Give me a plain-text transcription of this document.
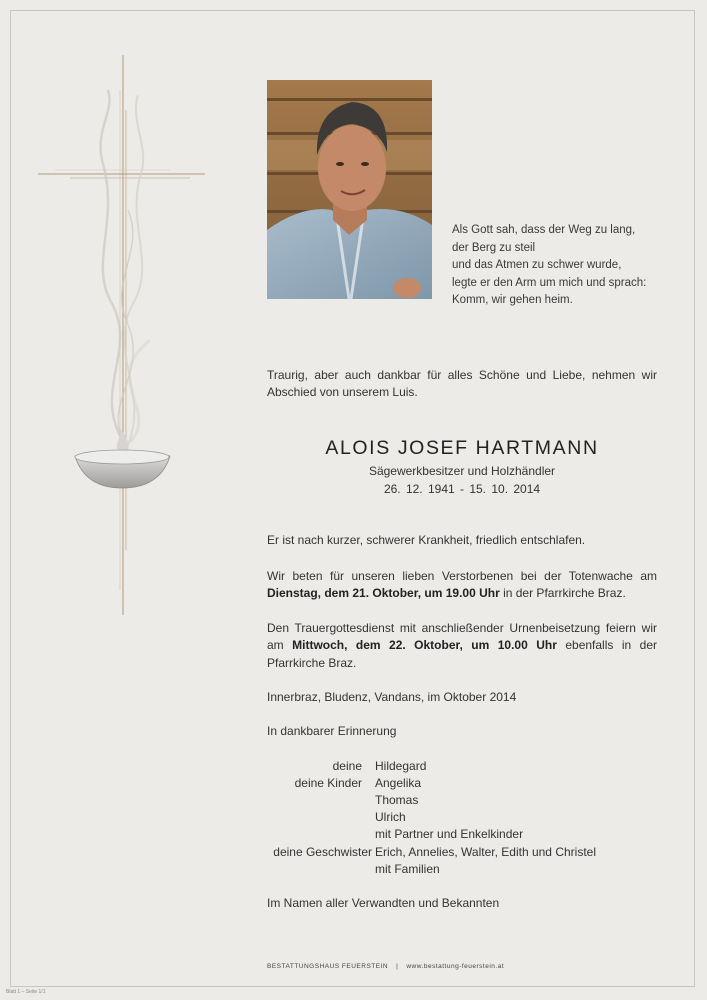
Als Gott sah, dass der Weg zu lang,
der Berg zu steil
und das Atmen zu schwer wurde,
legte er den Arm um mich und sprach:
Komm, wir gehen heim.
Traurig, aber auch dankbar für alles Schöne und Liebe, nehmen wir Abschied von unserem Luis.
ALOIS JOSEF HARTMANN
Sägewerkbesitzer und Holzhändler
26. 12. 1941 - 15. 10. 2014
Er ist nach kurzer, schwerer Krankheit, friedlich entschlafen.
Wir beten für unseren lieben Verstorbenen bei der Totenwache am Dienstag, dem 21. Oktober, um 19.00 Uhr in der Pfarrkirche Braz.
Den Trauergottesdienst mit anschließender Urnenbeisetzung feiern wir am Mittwoch, dem 22. Oktober, um 10.00 Uhr ebenfalls in der Pfarrkirche Braz.
Innerbraz, Bludenz, Vandans, im Oktober 2014
In dankbarer Erinnerung
deine
deine Kinder
deine Geschwister
Hildegard
Angelika
Thomas
Ulrich
mit Partner und Enkelkinder
Erich, Annelies, Walter, Edith und Christel
mit Familien
Im Namen aller Verwandten und Bekannten
BESTATTUNGSHAUS FEUERSTEIN | www.bestattung-feuerstein.at
Blatt 1 – Seite 1/1
